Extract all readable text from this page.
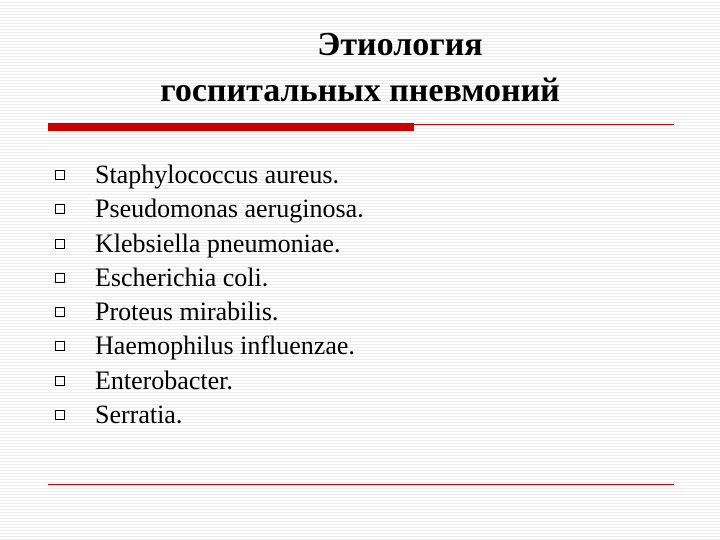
Этиология
госпитальных пневмоний
Staphylococcus aureus.
Pseudomonas aeruginosa.
Klebsiella pneumoniae.
Escherichia coli.
Proteus mirabilis.
Haemophilus influenzae.
Enterobacter.
Serratia.
